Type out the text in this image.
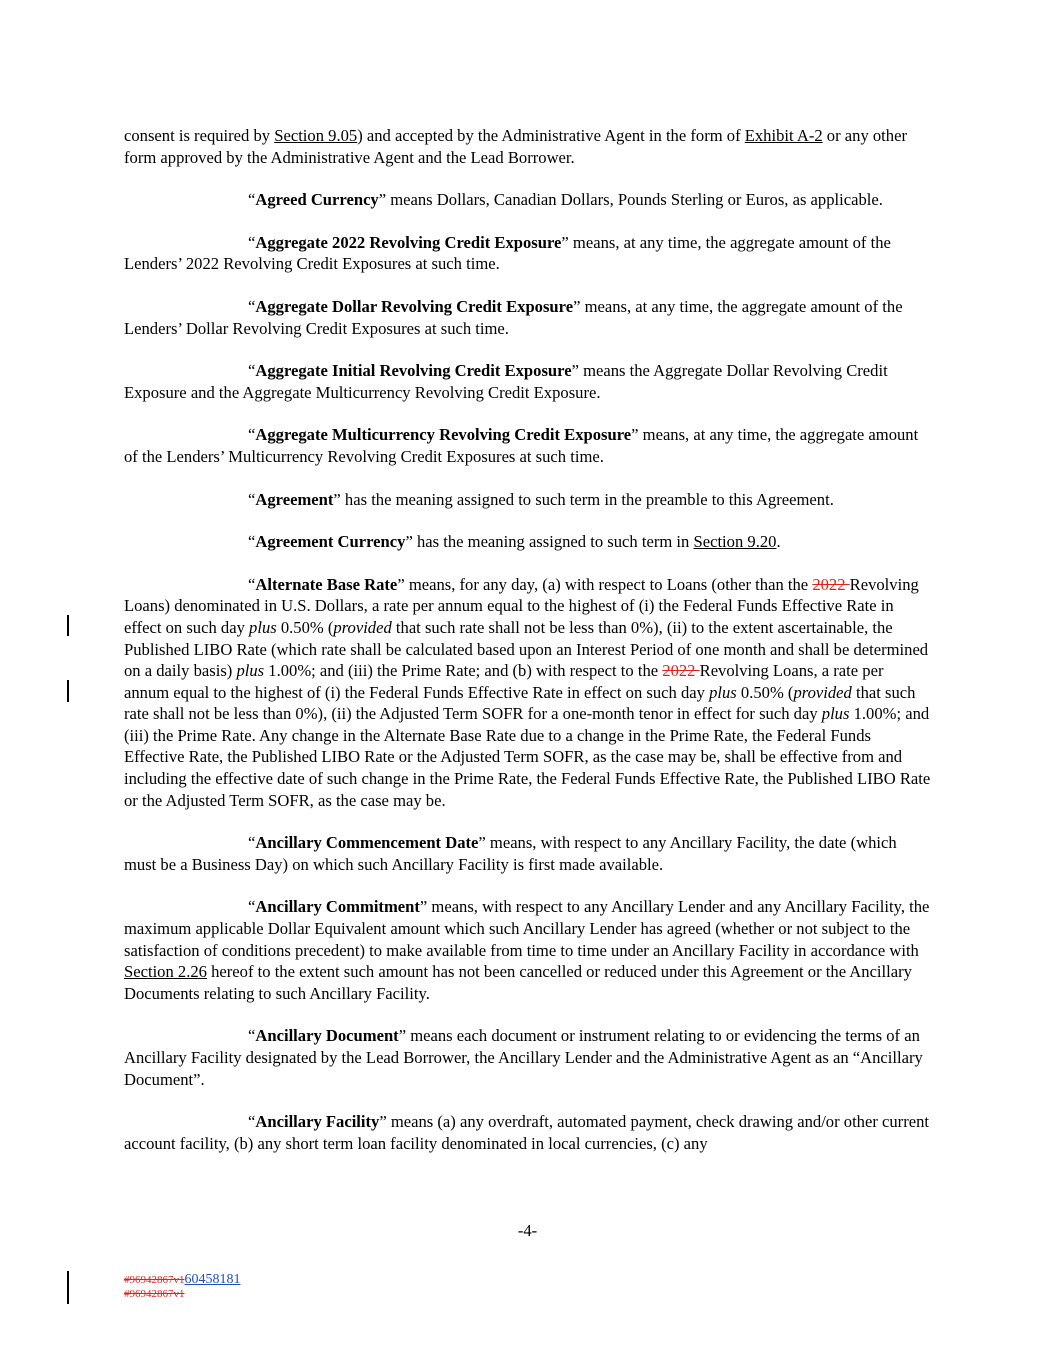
consent is required by Section 9.05) and accepted by the Administrative Agent in the form of Exhibit A-2 or any other form approved by the Administrative Agent and the Lead Borrower.

“Agreed Currency” means Dollars, Canadian Dollars, Pounds Sterling or Euros, as applicable.

“Aggregate 2022 Revolving Credit Exposure” means, at any time, the aggregate amount of the Lenders’ 2022 Revolving Credit Exposures at such time.

“Aggregate Dollar Revolving Credit Exposure” means, at any time, the aggregate amount of the Lenders’ Dollar Revolving Credit Exposures at such time.

“Aggregate Initial Revolving Credit Exposure” means the Aggregate Dollar Revolving Credit Exposure and the Aggregate Multicurrency Revolving Credit Exposure.

“Aggregate Multicurrency Revolving Credit Exposure” means, at any time, the aggregate amount of the Lenders’ Multicurrency Revolving Credit Exposures at such time.

“Agreement” has the meaning assigned to such term in the preamble to this Agreement.

“Agreement Currency” has the meaning assigned to such term in Section 9.20.

“Alternate Base Rate” means, for any day, (a) with respect to Loans (other than the 2022 Revolving Loans) denominated in U.S. Dollars, a rate per annum equal to the highest of (i) the Federal Funds Effective Rate in effect on such day plus 0.50% (provided that such rate shall not be less than 0%), (ii) to the extent ascertainable, the Published LIBO Rate (which rate shall be calculated based upon an Interest Period of one month and shall be determined on a daily basis) plus 1.00%; and (iii) the Prime Rate; and (b) with respect to the 2022 Revolving Loans, a rate per annum equal to the highest of (i) the Federal Funds Effective Rate in effect on such day plus 0.50% (provided that such rate shall not be less than 0%), (ii) the Adjusted Term SOFR for a one-month tenor in effect for such day plus 1.00%; and (iii) the Prime Rate. Any change in the Alternate Base Rate due to a change in the Prime Rate, the Federal Funds Effective Rate, the Published LIBO Rate or the Adjusted Term SOFR, as the case may be, shall be effective from and including the effective date of such change in the Prime Rate, the Federal Funds Effective Rate, the Published LIBO Rate or the Adjusted Term SOFR, as the case may be.

“Ancillary Commencement Date” means, with respect to any Ancillary Facility, the date (which must be a Business Day) on which such Ancillary Facility is first made available.

“Ancillary Commitment” means, with respect to any Ancillary Lender and any Ancillary Facility, the maximum applicable Dollar Equivalent amount which such Ancillary Lender has agreed (whether or not subject to the satisfaction of conditions precedent) to make available from time to time under an Ancillary Facility in accordance with Section 2.26 hereof to the extent such amount has not been cancelled or reduced under this Agreement or the Ancillary Documents relating to such Ancillary Facility.

“Ancillary Document” means each document or instrument relating to or evidencing the terms of an Ancillary Facility designated by the Lead Borrower, the Ancillary Lender and the Administrative Agent as an “Ancillary Document”.

“Ancillary Facility” means (a) any overdraft, automated payment, check drawing and/or other current account facility, (b) any short term loan facility denominated in local currencies, (c) any

-4-
#96942867v160458181
#96942867v1
